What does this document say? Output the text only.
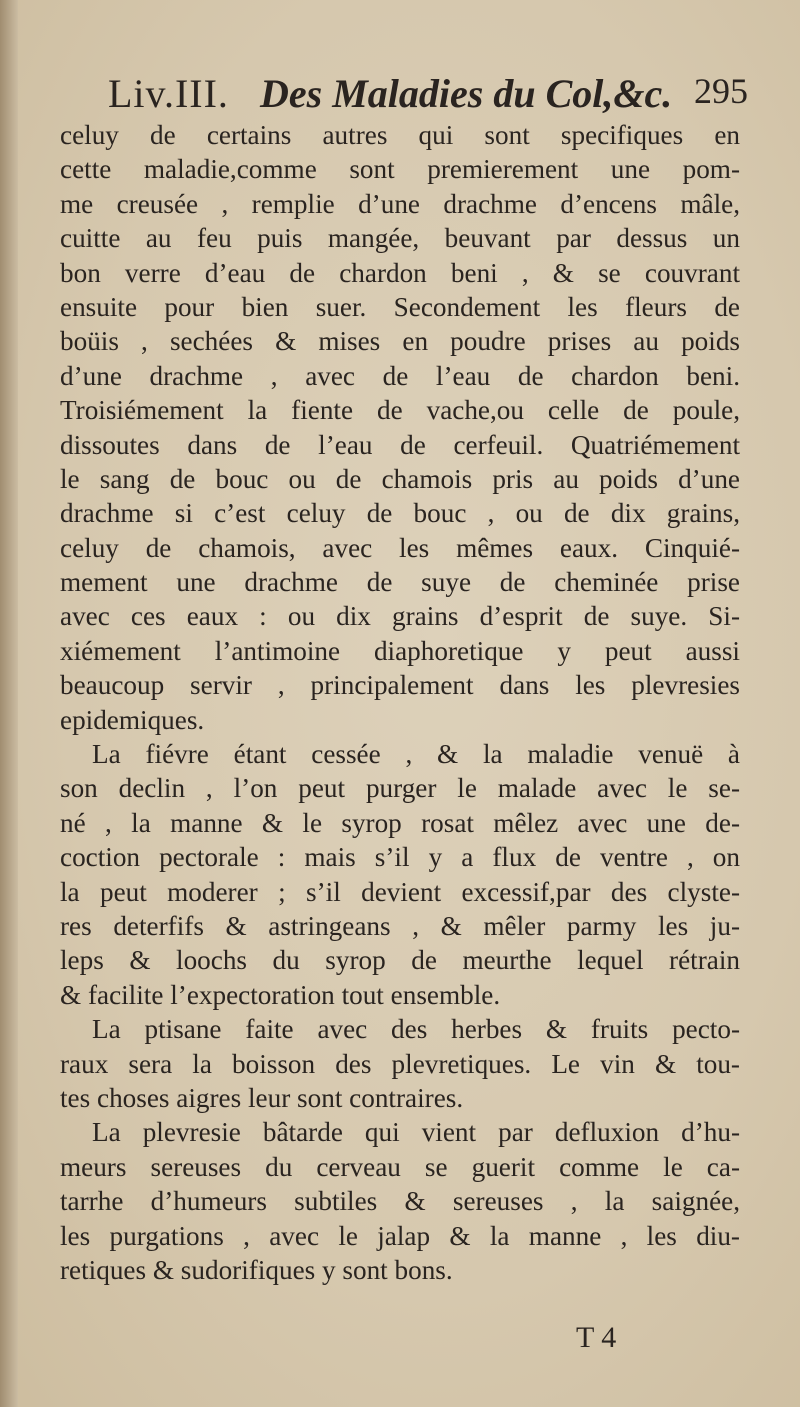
Liv.III. Des Maladies du Col,&c. 295
celuy de certains autres qui sont specifiques en
cette maladie,comme sont premierement une pom-
me creusée , remplie d’une drachme d’encens mâle,
cuitte au feu puis mangée, beuvant par dessus un
bon verre d’eau de chardon beni , & se couvrant
ensuite pour bien suer. Secondement les fleurs de
boüis , sechées & mises en poudre prises au poids
d’une drachme , avec de l’eau de chardon beni.
Troisiémement la fiente de vache,ou celle de poule,
dissoutes dans de l’eau de cerfeuil. Quatriémement
le sang de bouc ou de chamois pris au poids d’une
drachme si c’est celuy de bouc , ou de dix grains,
celuy de chamois, avec les mêmes eaux. Cinquié-
mement une drachme de suye de cheminée prise
avec ces eaux : ou dix grains d’esprit de suye. Si-
xiémement l’antimoine diaphoretique y peut aussi
beaucoup servir , principalement dans les plevresies
epidemiques.
La fiévre étant cessée , & la maladie venuë à
son declin , l’on peut purger le malade avec le se-
né , la manne & le syrop rosat mêlez avec une de-
coction pectorale : mais s’il y a flux de ventre , on
la peut moderer ; s’il devient excessif,par des clyste-
res deterfifs & astringeans , & mêler parmy les ju-
leps & loochs du syrop de meurthe lequel rétrain
& facilite l’expectoration tout ensemble.
La ptisane faite avec des herbes & fruits pecto-
raux sera la boisson des plevretiques. Le vin & tou-
tes choses aigres leur sont contraires.
La plevresie bâtarde qui vient par defluxion d’hu-
meurs sereuses du cerveau se guerit comme le ca-
tarrhe d’humeurs subtiles & sereuses , la saignée,
les purgations , avec le jalap & la manne , les diu-
retiques & sudorifiques y sont bons.
T 4
